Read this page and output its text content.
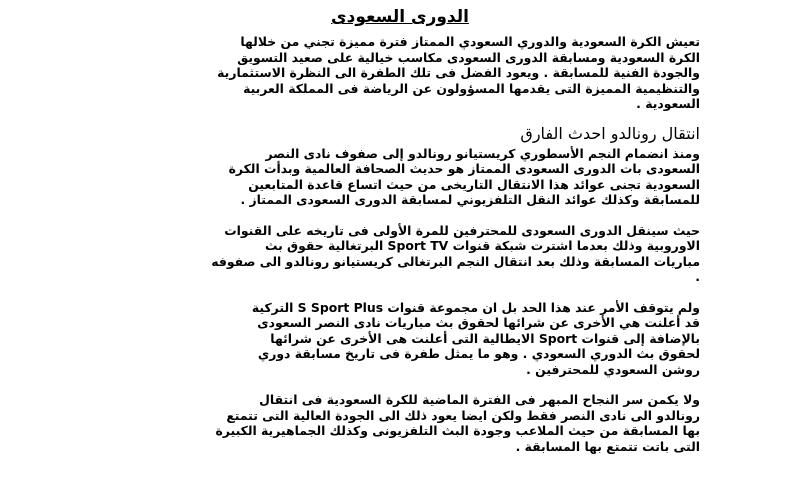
الدورى السعودى
تعيش الكرة السعودية والدوري السعودي الممتاز فترة مميزة تجني من خلالها
الكرة السعودية ومسابقة الدورى السعودى مكاسب خيالية على صعيد التسويق
والجودة الفنية للمسابقة . ويعود الفضل فى تلك الطفرة الى النظرة الاستثمارية
والتنظيمية المميزة التى يقدمها المسؤولون عن الرياضة فى المملكة العربية
السعودية .
انتقال رونالدو احدث الفارق
ومنذ انضمام النجم الأسطوري كريستيانو رونالدو إلى صفوف نادى النصر
السعودى بات الدورى السعودى الممتاز هو حديث الصحافة العالمية وبدأت الكرة
السعودية تجنى عوائد هذا الانتقال التاريخى من حيث اتساع قاعدة المتابعين
للمسابقة وكذلك عوائد النقل التلفزيوني لمسابقة الدورى السعودى الممتاز .
حيث سينقل الدورى السعودى للمحترفين للمرة الأولى فى تاريخه على القنوات
الاوروبية وذلك بعدما اشترت شبكة قنوات Sport TV البرتغالية حقوق بث
مباريات المسابقة وذلك بعد انتقال النجم البرتغالى كريستيانو رونالدو الى صفوفه
.
ولم يتوقف الأمر عند هذا الحد بل ان مجموعة قنوات S Sport Plus التركية
قد أعلنت هي الأخرى عن شرائها لحقوق بث مباريات نادى النصر السعودى
بالإضافة إلى قنوات Sport الايطالية التى أعلنت هى الأخرى عن شرائها
لحقوق بث الدوري السعودي . وهو ما يمثل طفرة فى تاريخ مسابقة دوري
روشن السعودي للمحترفين .
ولا يكمن سر النجاح المبهر فى الفترة الماضية للكرة السعودية فى انتقال
رونالدو الى نادى النصر فقط ولكن ايضا يعود ذلك الى الجودة العالية التى تتمتع
بها المسابقة من حيث الملاعب وجودة البث التلفزيونى وكذلك الجماهيرية الكبيرة
التى باتت تتمتع بها المسابقة .
